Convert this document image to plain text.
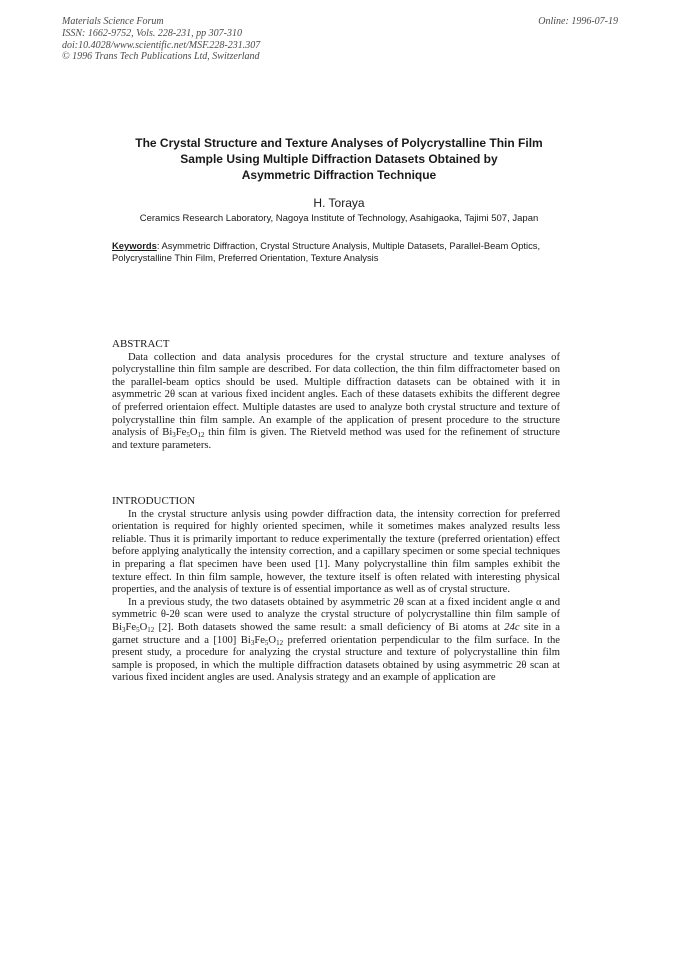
Materials Science Forum
ISSN: 1662-9752, Vols. 228-231, pp 307-310
doi:10.4028/www.scientific.net/MSF.228-231.307
© 1996 Trans Tech Publications Ltd, Switzerland
Online: 1996-07-19
The Crystal Structure and Texture Analyses of Polycrystalline Thin Film
Sample Using Multiple Diffraction Datasets Obtained by
Asymmetric Diffraction Technique
H. Toraya
Ceramics Research Laboratory, Nagoya Institute of Technology, Asahigaoka, Tajimi 507, Japan
Keywords: Asymmetric Diffraction, Crystal Structure Analysis, Multiple Datasets, Parallel-Beam Optics, Polycrystalline Thin Film, Preferred Orientation, Texture Analysis
ABSTRACT

Data collection and data analysis procedures for the crystal structure and texture analyses of polycrystalline thin film sample are described. For data collection, the thin film diffractometer based on the parallel-beam optics should be used. Multiple diffraction datasets can be obtained with it in asymmetric 2θ scan at various fixed incident angles. Each of these datasets exhibits the different degree of preferred orientaion effect. Multiple datastes are used to analyze both crystal structure and texture of polycrystalline thin film sample. An example of the application of present procedure to the structure analysis of $Bi_3Fe_5O_{12}$ thin film is given. The Rietveld method was used for the refinement of structure and texture parameters.

INTRODUCTION

In the crystal structure anlysis using powder diffraction data, the intensity correction for preferred orientation is required for highly oriented specimen, while it sometimes makes analyzed results less reliable. Thus it is primarily important to reduce experimentally the texture (preferred orientation) effect before applying analytically the intensity correction, and a capillary specimen or some special techniques in preparing a flat specimen have been used [1]. Many polycrystalline thin film samples exhibit the texture effect. In thin film sample, however, the texture itself is often related with interesting physical properties, and the analysis of texture is of essential importance as well as of crystal structure.

In a previous study, the two datasets obtained by asymmetric 2θ scan at a fixed incident angle α and symmetric θ-2θ scan were used to analyze the crystal structure of polycrystalline thin film sample of $Bi_3Fe_5O_{12}$ [2]. Both datasets showed the same result: a small deficiency of Bi atoms at 24c site in a garnet structure and a [100] $Bi_3Fe_5O_{12}$ preferred orientation perpendicular to the film surface. In the present study, a procedure for analyzing the crystal structure and texture of polycrystalline thin film sample is proposed, in which the multiple diffraction datasets obtained by using asymmetric 2θ scan at various fixed incident angles are used. Analysis strategy and an example of application are
